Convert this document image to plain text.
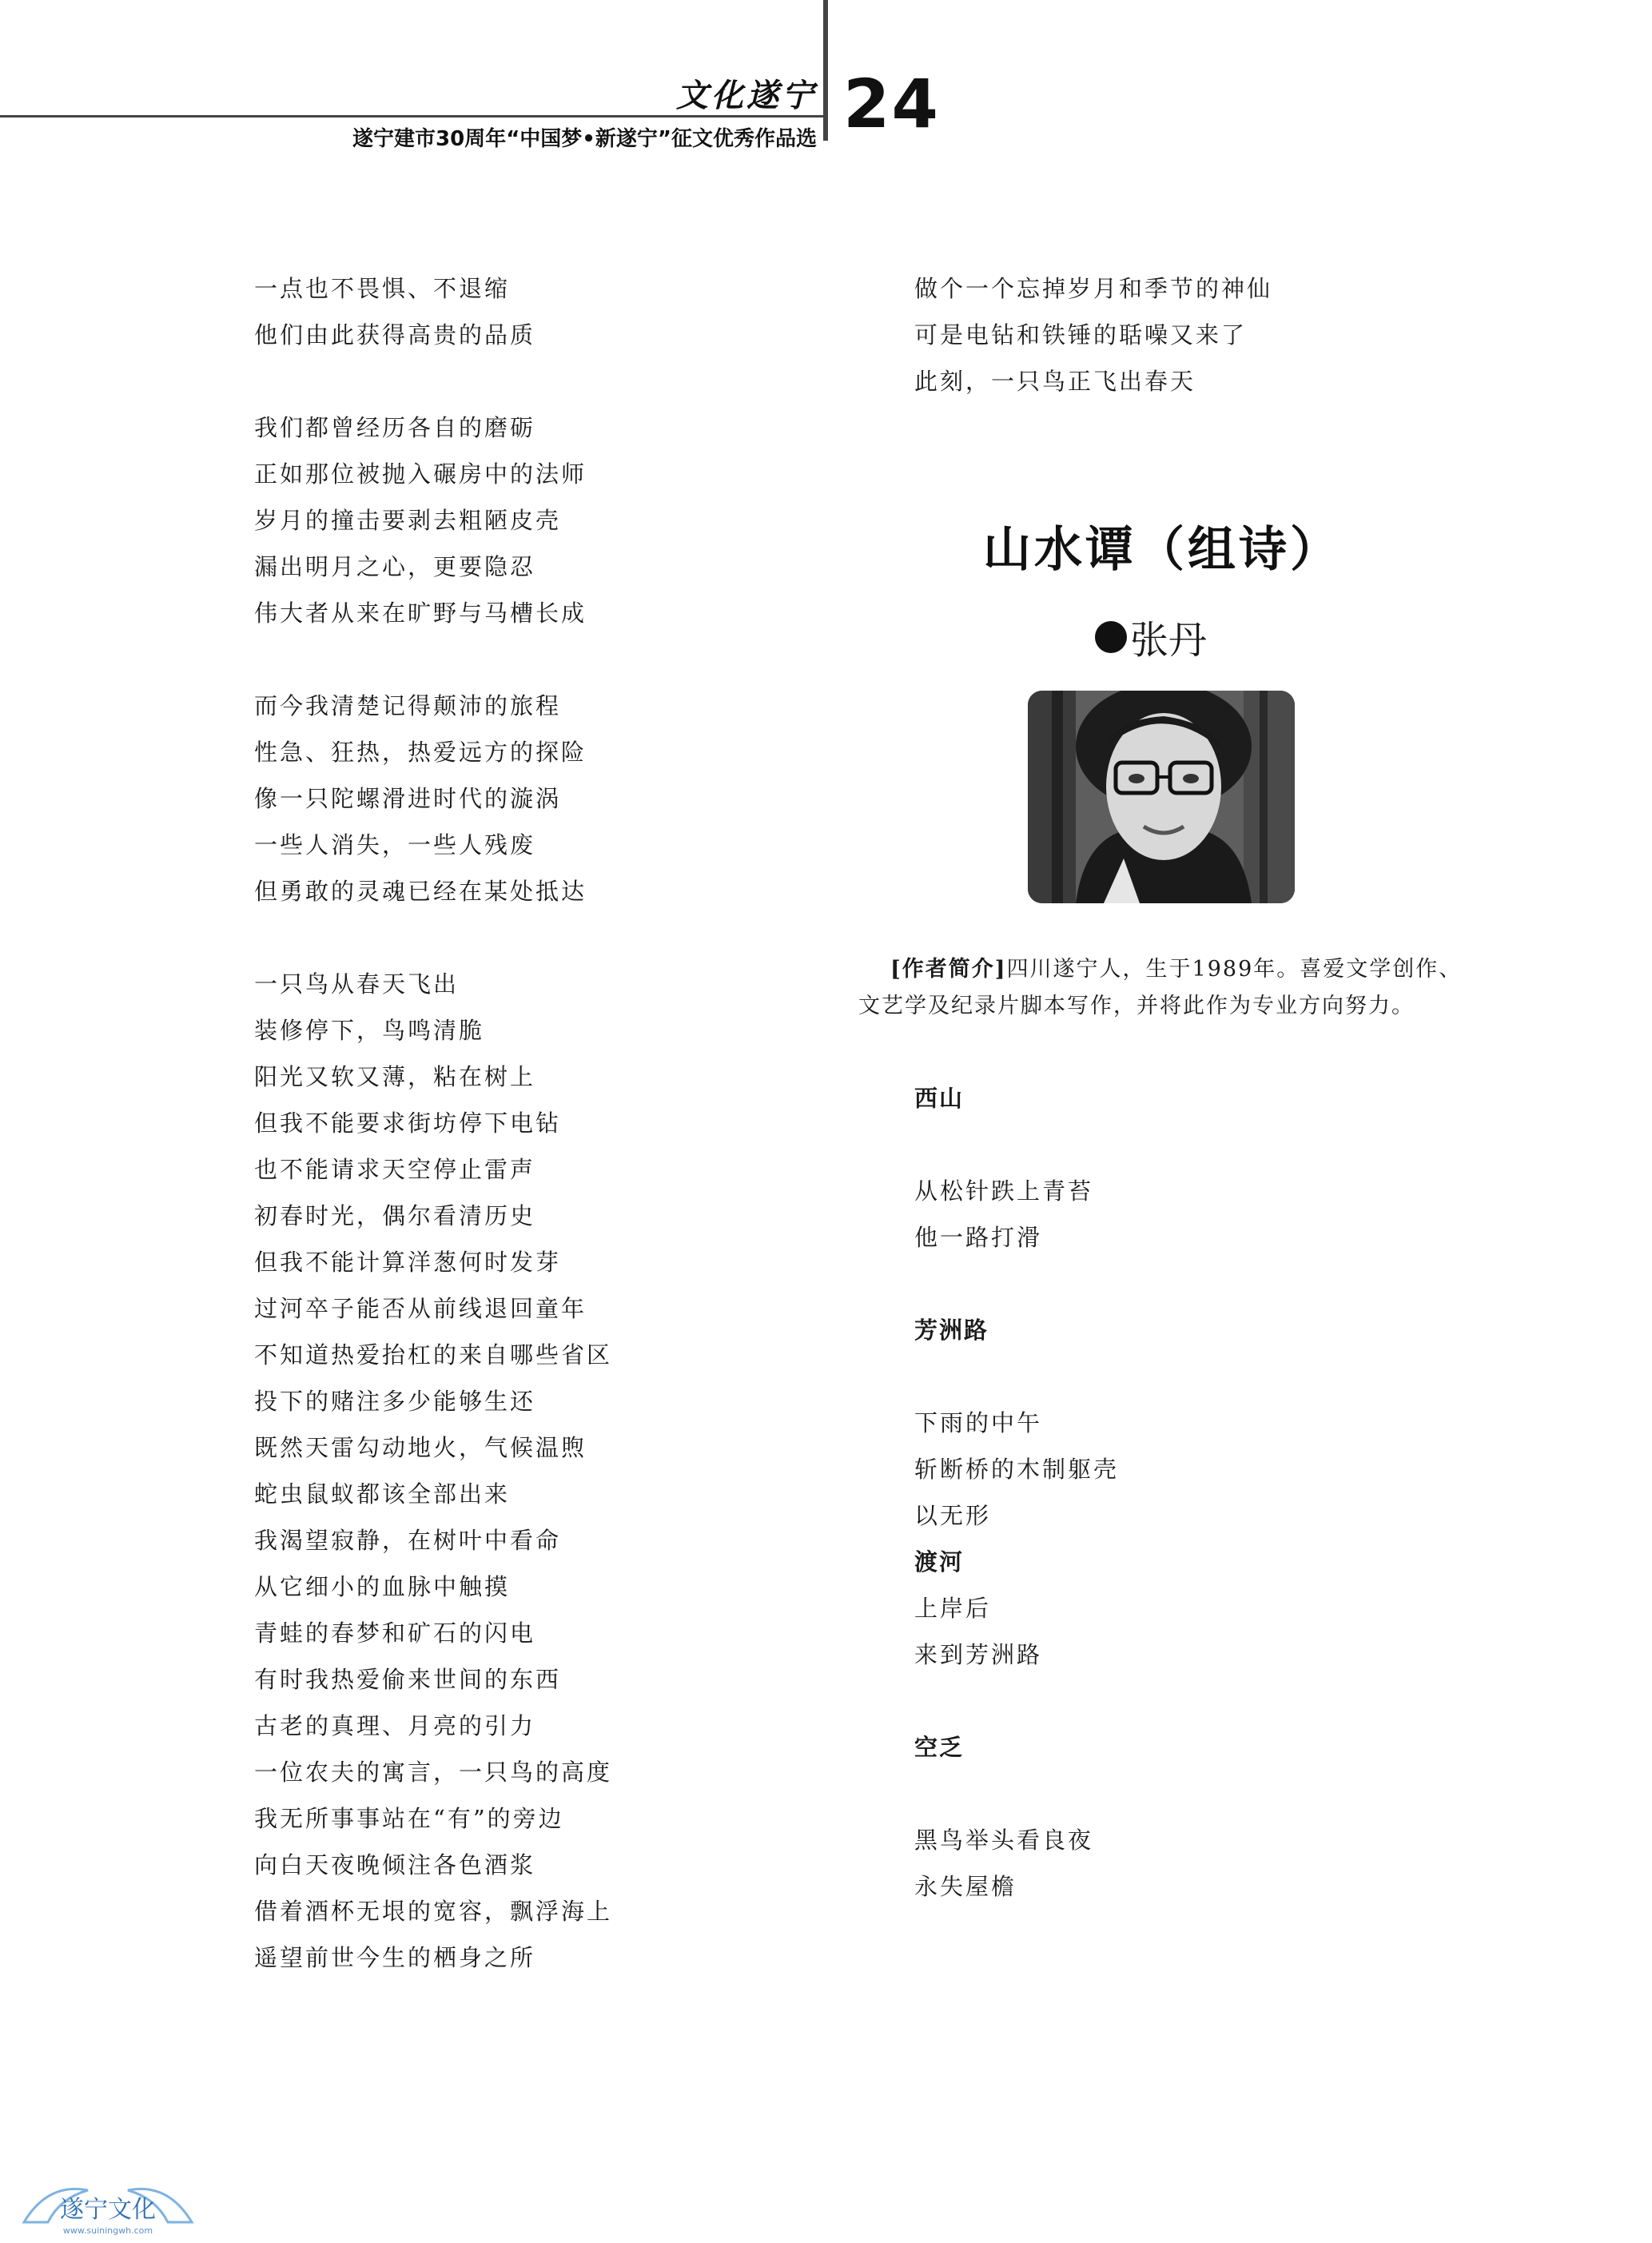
文化遂宁
遂宁建市30周年“中国梦•新遂宁”征文优秀作品选 24
一点也不畏惧、不退缩
他们由此获得高贵的品质
我们都曾经历各自的磨砺
正如那位被抛入碾房中的法师
岁月的撞击要剥去粗陋皮壳
漏出明月之心，更要隐忍
伟大者从来在旷野与马槽长成
而今我清楚记得颠沛的旅程
性急、狂热，热爱远方的探险
像一只陀螺滑进时代的漩涡
一些人消失，一些人残废
但勇敢的灵魂已经在某处抵达
一只鸟从春天飞出
装修停下，鸟鸣清脆
阳光又软又薄，粘在树上
但我不能要求街坊停下电钻
也不能请求天空停止雷声
初春时光，偶尔看清历史
但我不能计算洋葱何时发芽
过河卒子能否从前线退回童年
不知道热爱抬杠的来自哪些省区
投下的赌注多少能够生还
既然天雷勾动地火，气候温煦
蛇虫鼠蚁都该全部出来
我渴望寂静，在树叶中看命
从它细小的血脉中触摸
青蛙的春梦和矿石的闪电
有时我热爱偷来世间的东西
古老的真理、月亮的引力
一位农夫的寓言，一只鸟的高度
我无所事事站在“有”的旁边
向白天夜晚倾注各色酒浆
借着酒杯无垠的宽容，飘浮海上
遥望前世今生的栖身之所
做个一个忘掉岁月和季节的神仙
可是电钻和铁锤的聒噪又来了
此刻，一只鸟正飞出春天
山水谭（组诗）
张丹
[作者简介]四川遂宁人，生于1989年。喜爱文学创作、
文艺学及纪录片脚本写作，并将此作为专业方向努力。
西山
从松针跌上青苔
他一路打滑
芳洲路
下雨的中午
斩断桥的木制躯壳
以无形
渡河
上岸后
来到芳洲路
空乏
黑鸟举头看良夜
永失屋檐
遂宁文化
www.suiningwh.com
